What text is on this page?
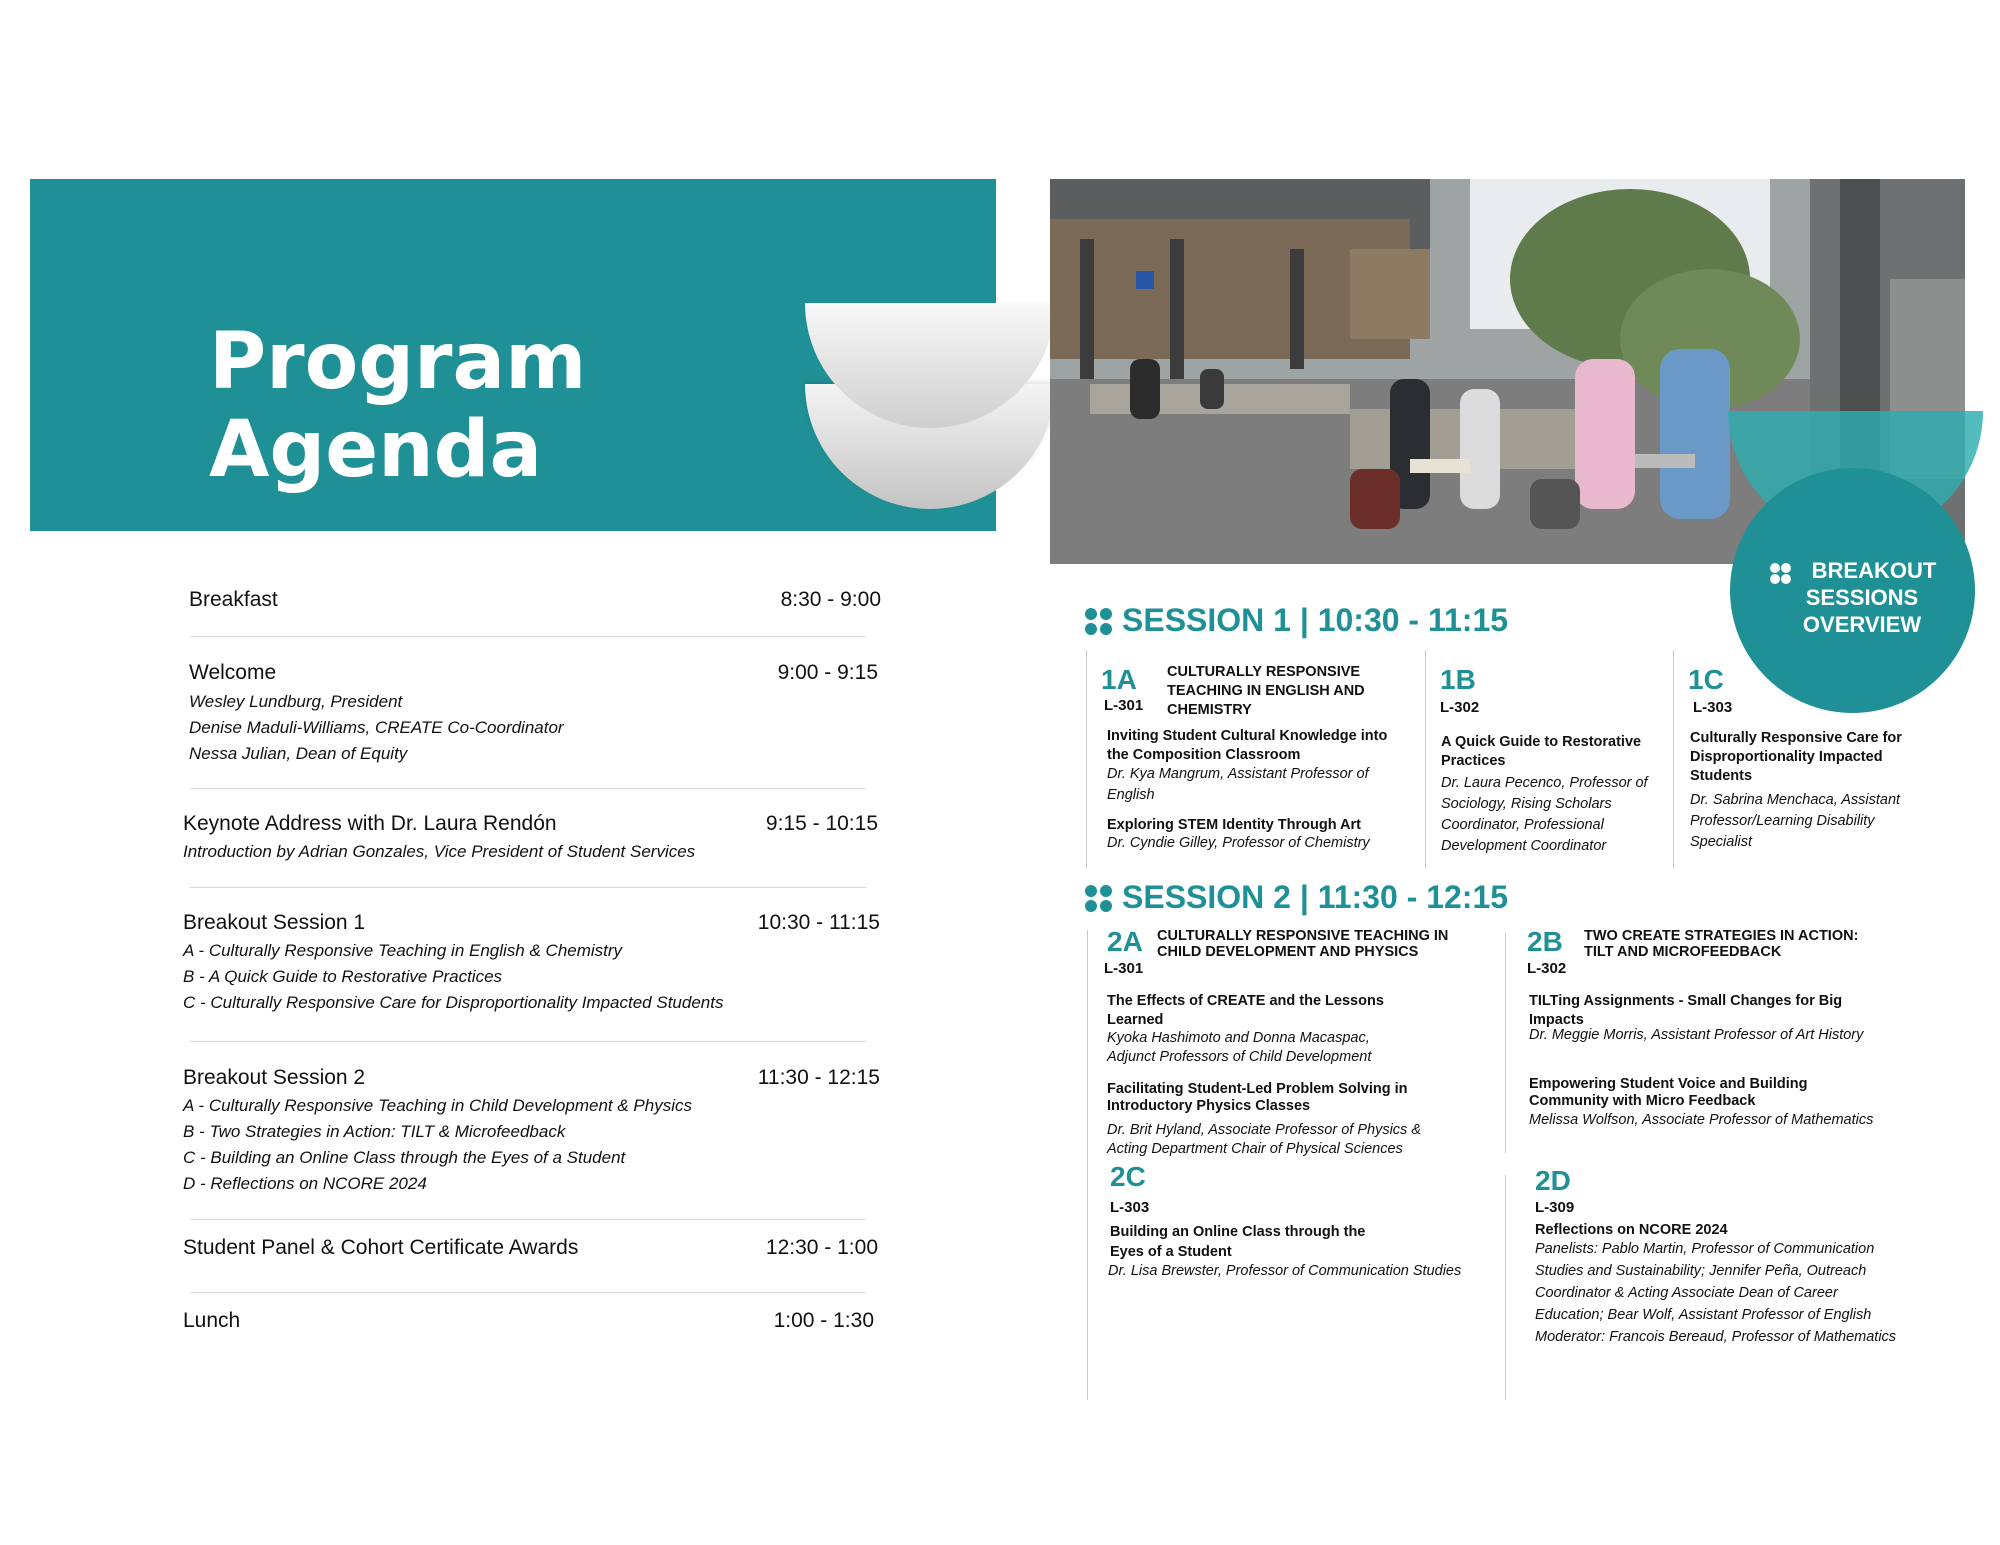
Program
Agenda
Breakfast	8:30 - 9:00
Welcome	9:00 - 9:15
Wesley Lundburg, President
Denise Maduli-Williams, CREATE Co-Coordinator
Nessa Julian, Dean of Equity
Keynote Address with Dr. Laura Rendón	9:15 - 10:15
Introduction by Adrian Gonzales, Vice President of Student Services
Breakout Session 1	10:30 - 11:15
A - Culturally Responsive Teaching in English & Chemistry
B - A Quick Guide to Restorative Practices
C - Culturally Responsive Care for Disproportionality Impacted Students
Breakout Session 2	11:30 - 12:15
A - Culturally Responsive Teaching in Child Development & Physics
B - Two Strategies in Action: TILT & Microfeedback
C - Building an Online Class through the Eyes of a Student
D - Reflections on NCORE 2024
Student Panel & Cohort Certificate Awards	12:30 - 1:00
Lunch	1:00 - 1:30
BREAKOUT
SESSIONS
OVERVIEW
SESSION 1 | 10:30 - 11:15
1A
L-301
CULTURALLY RESPONSIVE
TEACHING IN ENGLISH AND
CHEMISTRY
Inviting Student Cultural Knowledge into
the Composition Classroom
Dr. Kya Mangrum, Assistant Professor of
English
Exploring STEM Identity Through Art
Dr. Cyndie Gilley, Professor of Chemistry
1B
L-302
A Quick Guide to Restorative
Practices
Dr. Laura Pecenco, Professor of
Sociology, Rising Scholars
Coordinator, Professional
Development Coordinator
1C
L-303
Culturally Responsive Care for
Disproportionality Impacted
Students
Dr. Sabrina Menchaca, Assistant
Professor/Learning Disability
Specialist
SESSION 2 | 11:30 - 12:15
2A
L-301
CULTURALLY RESPONSIVE TEACHING IN
CHILD DEVELOPMENT AND PHYSICS
The Effects of CREATE and the Lessons
Learned
Kyoka Hashimoto and Donna Macaspac,
Adjunct Professors of Child Development
Facilitating Student-Led Problem Solving in
Introductory Physics Classes
Dr. Brit Hyland, Associate Professor of Physics &
Acting Department Chair of Physical Sciences
2B
L-302
TWO CREATE STRATEGIES IN ACTION:
TILT AND MICROFEEDBACK
TILTing Assignments - Small Changes for Big
Impacts
Dr. Meggie Morris, Assistant Professor of Art History
Empowering Student Voice and Building
Community with Micro Feedback
Melissa Wolfson, Associate Professor of Mathematics
2C
L-303
Building an Online Class through the
Eyes of a Student
Dr. Lisa Brewster, Professor of Communication Studies
2D
L-309
Reflections on NCORE 2024
Panelists: Pablo Martin, Professor of Communication
Studies and Sustainability; Jennifer Peña, Outreach
Coordinator & Acting Associate Dean of Career
Education; Bear Wolf, Assistant Professor of English
Moderator: Francois Bereaud, Professor of Mathematics
